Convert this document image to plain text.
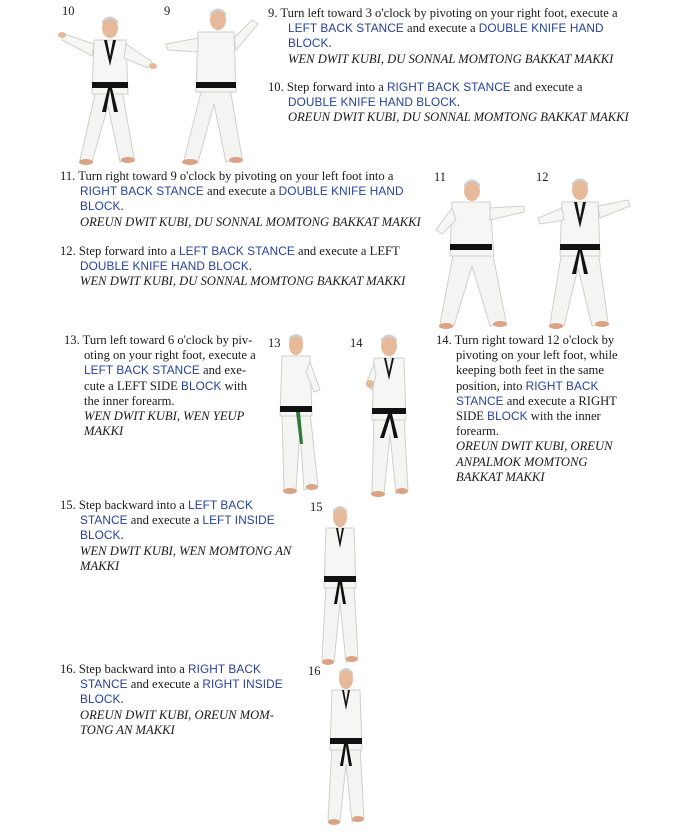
10	9
11	12
13	14
15
16

9. Turn left toward 3 o'clock by pivoting on your right foot, execute a

LEFT BACK STANCE and execute a DOUBLE KNIFE HAND

BLOCK.

WEN DWIT KUBI, DU SONNAL MOMTONG BAKKAT MAKKI

10. Step forward into a RIGHT BACK STANCE and execute a

DOUBLE KNIFE HAND BLOCK.

OREUN DWIT KUBI, DU SONNAL MOMTONG BAKKAT MAKKI

11. Turn right toward 9 o'clock by pivoting on your left foot into a

RIGHT BACK STANCE and execute a DOUBLE KNIFE HAND

BLOCK.

OREUN DWIT KUBI, DU SONNAL MOMTONG BAKKAT MAKKI

12. Step forward into a LEFT BACK STANCE and execute a LEFT

DOUBLE KNIFE HAND BLOCK.

WEN DWIT KUBI, DU SONNAL MOMTONG BAKKAT MAKKI

13. Turn left toward 6 o'clock by piv-

oting on your right foot, execute a

LEFT BACK STANCE and exe-

cute a LEFT SIDE BLOCK with

the inner forearm.

WEN DWIT KUBI, WEN YEUP

MAKKI

14. Turn right toward 12 o'clock by

pivoting on your left foot, while

keeping both feet in the same

position, into RIGHT BACK

STANCE and execute a RIGHT

SIDE BLOCK with the inner

forearm.

OREUN DWIT KUBI, OREUN

ANPALMOK MOMTONG

BAKKAT MAKKI

15. Step backward into a LEFT BACK

STANCE and execute a LEFT INSIDE

BLOCK.

WEN DWIT KUBI, WEN MOMTONG AN

MAKKI

16. Step backward into a RIGHT BACK

STANCE and execute a RIGHT INSIDE

BLOCK.

OREUN DWIT KUBI, OREUN MOM-

TONG AN MAKKI
